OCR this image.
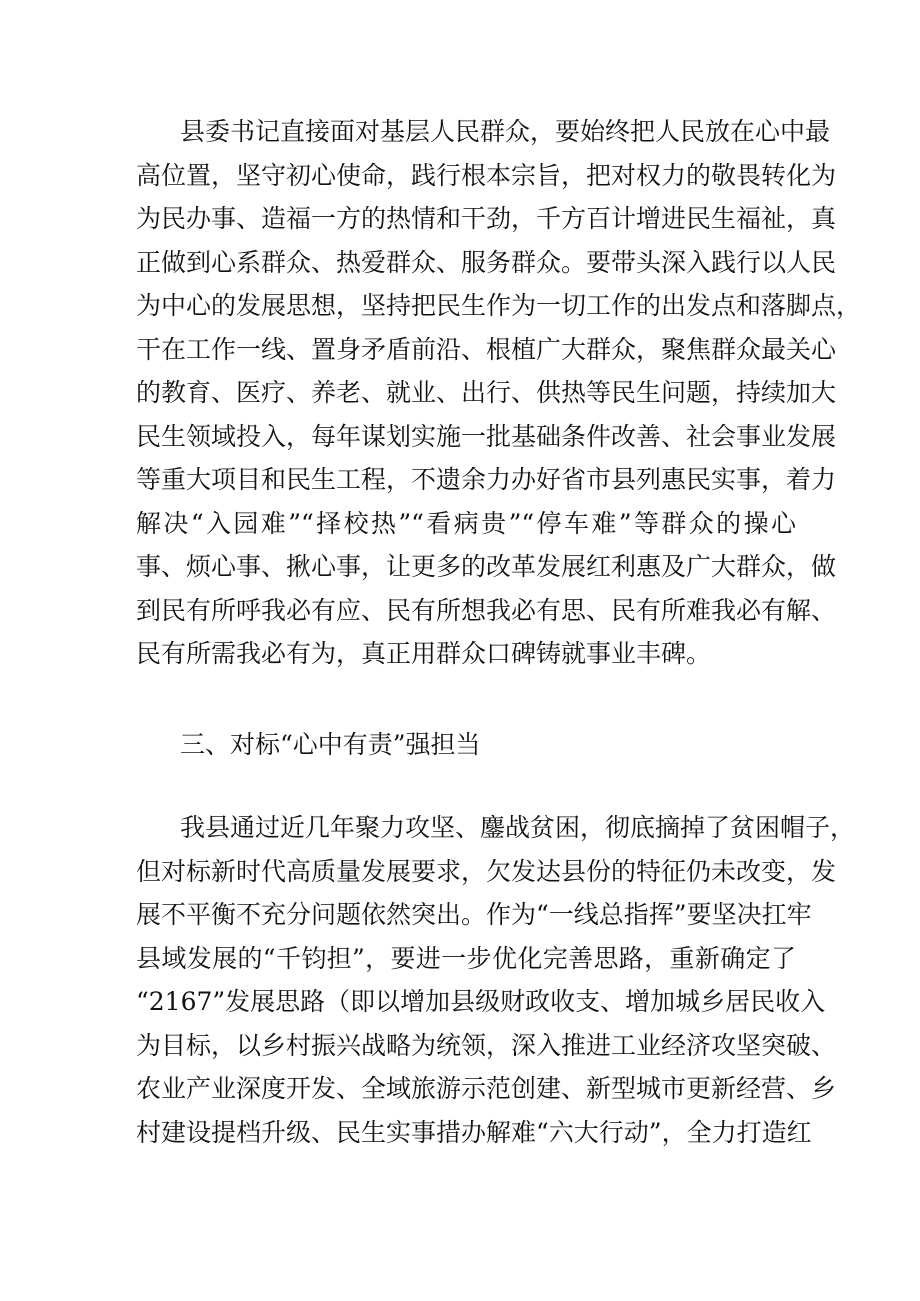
县委书记直接面对基层人民群众，要始终把人民放在心中最
高位置，坚守初心使命，践行根本宗旨，把对权力的敬畏转化为
为民办事、造福一方的热情和干劲，千方百计增进民生福祉，真
正做到心系群众、热爱群众、服务群众。要带头深入践行以人民
为中心的发展思想，坚持把民生作为一切工作的出发点和落脚点，
干在工作一线、置身矛盾前沿、根植广大群众，聚焦群众最关心
的教育、医疗、养老、就业、出行、供热等民生问题，持续加大
民生领域投入，每年谋划实施一批基础条件改善、社会事业发展
等重大项目和民生工程，不遗余力办好省市县列惠民实事，着力
解决“入园难”“择校热”“看病贵”“停车难”等群众的操心
事、烦心事、揪心事，让更多的改革发展红利惠及广大群众，做
到民有所呼我必有应、民有所想我必有思、民有所难我必有解、
民有所需我必有为，真正用群众口碑铸就事业丰碑。
三、对标“心中有责”强担当
我县通过近几年聚力攻坚、鏖战贫困，彻底摘掉了贫困帽子，
但对标新时代高质量发展要求，欠发达县份的特征仍未改变，发
展不平衡不充分问题依然突出。作为“一线总指挥”要坚决扛牢
县域发展的“千钧担”，要进一步优化完善思路，重新确定了
“2167”发展思路（即以增加县级财政收支、增加城乡居民收入
为目标，以乡村振兴战略为统领，深入推进工业经济攻坚突破、
农业产业深度开发、全域旅游示范创建、新型城市更新经营、乡
村建设提档升级、民生实事措办解难“六大行动”，全力打造红
